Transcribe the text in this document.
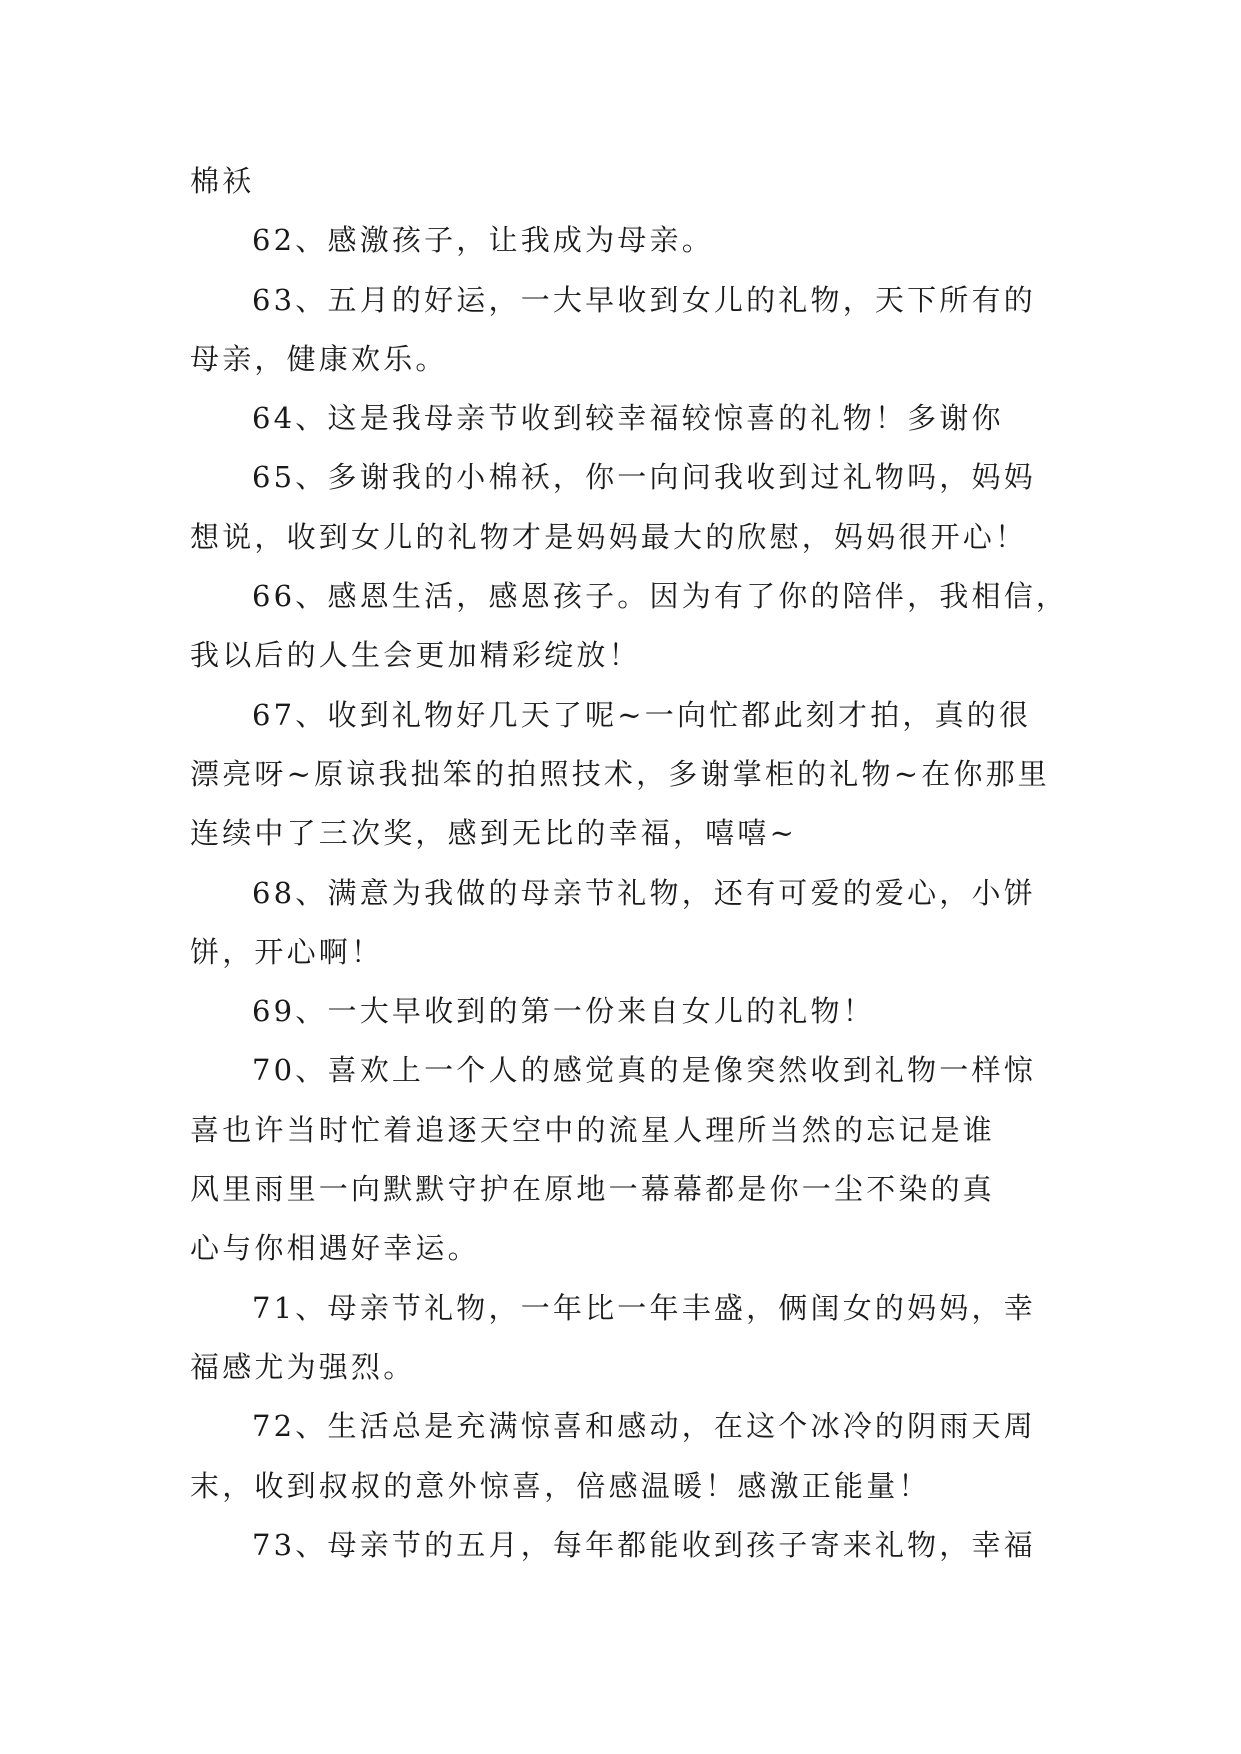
棉袄
62、感激孩子，让我成为母亲。
63、五月的好运，一大早收到女儿的礼物，天下所有的
母亲，健康欢乐。
64、这是我母亲节收到较幸福较惊喜的礼物！多谢你
65、多谢我的小棉袄，你一向问我收到过礼物吗，妈妈
想说，收到女儿的礼物才是妈妈最大的欣慰，妈妈很开心！
66、感恩生活，感恩孩子。因为有了你的陪伴，我相信，
我以后的人生会更加精彩绽放！
67、收到礼物好几天了呢~一向忙都此刻才拍，真的很
漂亮呀~原谅我拙笨的拍照技术，多谢掌柜的礼物~在你那里
连续中了三次奖，感到无比的幸福，嘻嘻~
68、满意为我做的母亲节礼物，还有可爱的爱心，小饼
饼，开心啊！
69、一大早收到的第一份来自女儿的礼物！
70、喜欢上一个人的感觉真的是像突然收到礼物一样惊
喜也许当时忙着追逐天空中的流星人理所当然的忘记是谁
风里雨里一向默默守护在原地一幕幕都是你一尘不染的真
心与你相遇好幸运。
71、母亲节礼物，一年比一年丰盛，俩闺女的妈妈，幸
福感尤为强烈。
72、生活总是充满惊喜和感动，在这个冰冷的阴雨天周
末，收到叔叔的意外惊喜，倍感温暖！感激正能量！
73、母亲节的五月，每年都能收到孩子寄来礼物，幸福
